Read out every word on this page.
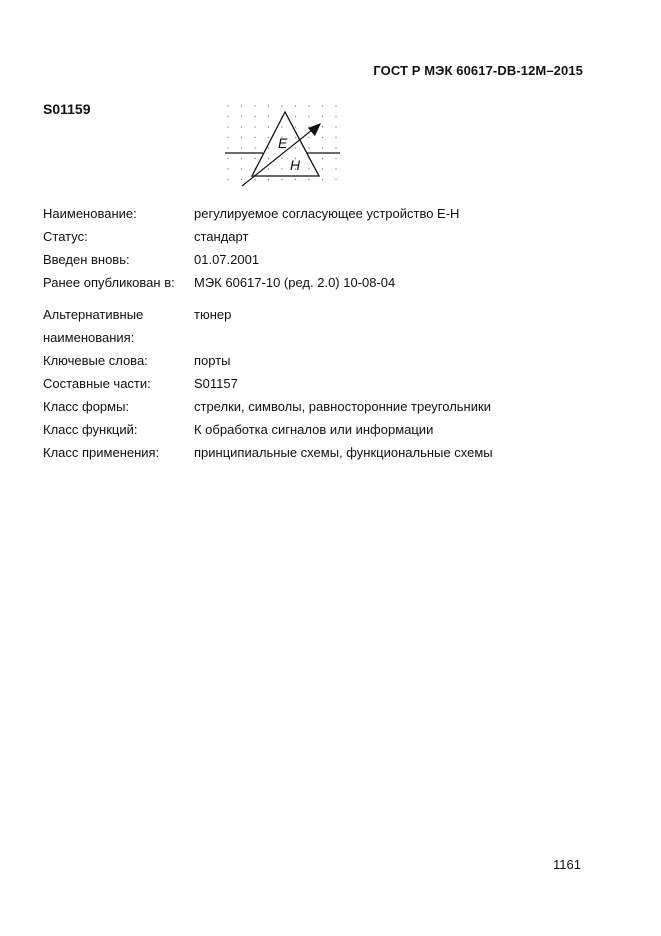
ГОСТ Р МЭК 60617-DB-12M–2015
S01159
E
H
Наименование:	регулируемое согласующее устройство Е-Н
Статус:	стандарт
Введен вновь:	01.07.2001
Ранее опубликован в:	МЭК 60617-10 (ред. 2.0) 10-08-04
Альтернативные	тюнер
наименования:
Ключевые слова:	порты
Составные части:	S01157
Класс формы:	стрелки, символы, равносторонние треугольники
Класс функций:	К обработка сигналов или информации
Класс применения:	принципиальные схемы, функциональные схемы
1161
